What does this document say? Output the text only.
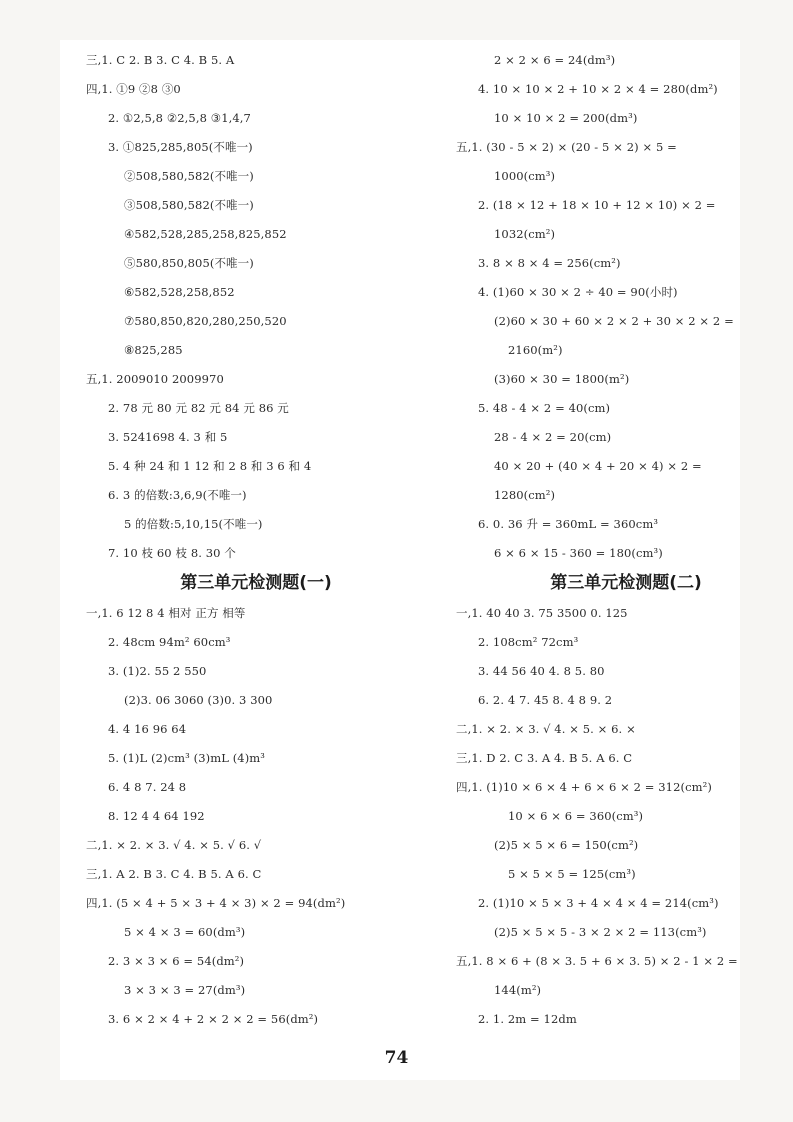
三,1. C 2. B 3. C 4. B 5. A
四,1. ①9 ②8 ③0
2. ①2,5,8 ②2,5,8 ③1,4,7
3. ①825,285,805(不唯一)
②508,580,582(不唯一)
③508,580,582(不唯一)
④582,528,285,258,825,852
⑤580,850,805(不唯一)
⑥582,528,258,852
⑦580,850,820,280,250,520
⑧825,285
五,1. 2009010 2009970
2. 78 元 80 元 82 元 84 元 86 元
3. 5241698 4. 3 和 5
5. 4 种 24 和 1 12 和 2 8 和 3 6 和 4
6. 3 的倍数:3,6,9(不唯一)
5 的倍数:5,10,15(不唯一)
7. 10 枝 60 枝 8. 30 个
第三单元检测题(一)
一,1. 6 12 8 4 相对 正方 相等
2. 48cm 94m² 60cm³
3. (1)2. 55 2 550
(2)3. 06 3060 (3)0. 3 300
4. 4 16 96 64
5. (1)L (2)cm³ (3)mL (4)m³
6. 4 8 7. 24 8
8. 12 4 4 64 192
二,1. × 2. × 3. √ 4. × 5. √ 6. √
三,1. A 2. B 3. C 4. B 5. A 6. C
四,1. (5 × 4 + 5 × 3 + 4 × 3) × 2 = 94(dm²)
5 × 4 × 3 = 60(dm³)
2. 3 × 3 × 6 = 54(dm²)
3 × 3 × 3 = 27(dm³)
3. 6 × 2 × 4 + 2 × 2 × 2 = 56(dm²)
2 × 2 × 6 = 24(dm³)
4. 10 × 10 × 2 + 10 × 2 × 4 = 280(dm²)
10 × 10 × 2 = 200(dm³)
五,1. (30 - 5 × 2) × (20 - 5 × 2) × 5 =
1000(cm³)
2. (18 × 12 + 18 × 10 + 12 × 10) × 2 =
1032(cm²)
3. 8 × 8 × 4 = 256(cm²)
4. (1)60 × 30 × 2 ÷ 40 = 90(小时)
(2)60 × 30 + 60 × 2 × 2 + 30 × 2 × 2 =
2160(m²)
(3)60 × 30 = 1800(m²)
5. 48 - 4 × 2 = 40(cm)
28 - 4 × 2 = 20(cm)
40 × 20 + (40 × 4 + 20 × 4) × 2 =
1280(cm²)
6. 0. 36 升 = 360mL = 360cm³
6 × 6 × 15 - 360 = 180(cm³)
第三单元检测题(二)
一,1. 40 40 3. 75 3500 0. 125
2. 108cm² 72cm³
3. 44 56 40 4. 8 5. 80
6. 2. 4 7. 45 8. 4 8 9. 2
二,1. × 2. × 3. √ 4. × 5. × 6. ×
三,1. D 2. C 3. A 4. B 5. A 6. C
四,1. (1)10 × 6 × 4 + 6 × 6 × 2 = 312(cm²)
10 × 6 × 6 = 360(cm³)
(2)5 × 5 × 6 = 150(cm²)
5 × 5 × 5 = 125(cm³)
2. (1)10 × 5 × 3 + 4 × 4 × 4 = 214(cm³)
(2)5 × 5 × 5 - 3 × 2 × 2 = 113(cm³)
五,1. 8 × 6 + (8 × 3. 5 + 6 × 3. 5) × 2 - 1 × 2 =
144(m²)
2. 1. 2m = 12dm
74
